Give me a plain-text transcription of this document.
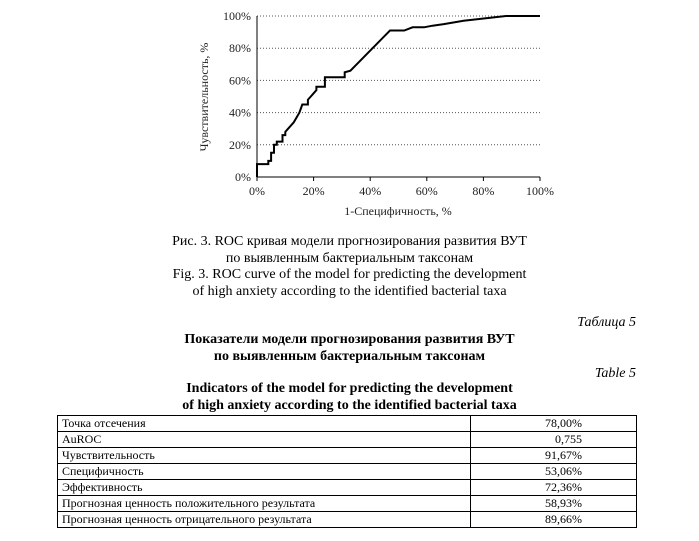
0%
20%
40%
60%
80%
100%
0%	20%	40%	60%	80%	100%
1-Специфичность, %
Чувствительность, %
Рис. 3. ROC кривая модели прогнозирования развития ВУТ
по выявленным бактериальным таксонам
Fig. 3. ROC curve of the model for predicting the development
of high anxiety according to the identified bacterial taxa
Таблица 5
Показатели модели прогнозирования развития ВУТ
по выявленным бактериальным таксонам
Table 5
Indicators of the model for predicting the development
of high anxiety according to the identified bacterial taxa
Точка отсечения	78,00%
AuROC	0,755
Чувствительность	91,67%
Специфичность	53,06%
Эффективность	72,36%
Прогнозная ценность положительного результата	58,93%
Прогнозная ценность отрицательного результата	89,66%
